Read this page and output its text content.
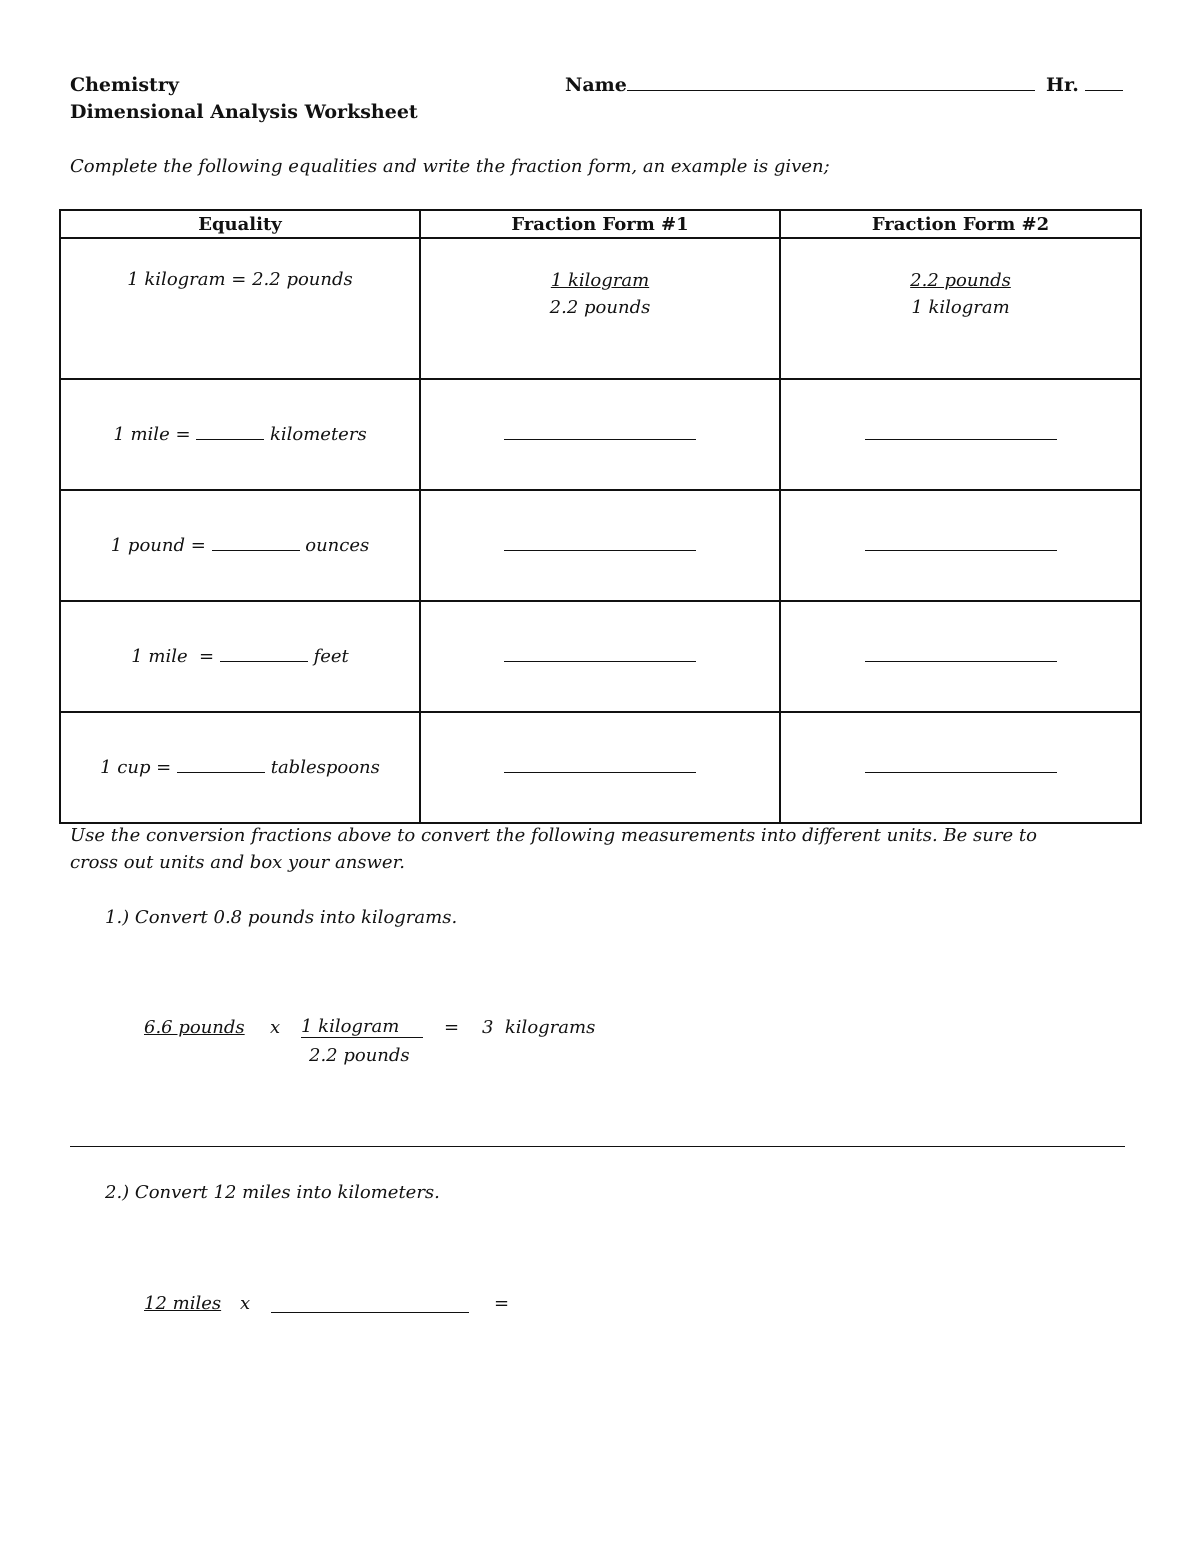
Chemistry
Dimensional Analysis Worksheet
Name	Hr.
Complete the following equalities and write the fraction form, an example is given;
Equality	Fraction Form #1	Fraction Form #2
1 kilogram = 2.2 pounds	$\frac{\text{1 kilogram}}{\text{2.2 pounds}}$	$\frac{\text{2.2 pounds}}{\text{1 kilogram}}$
1 mile = kilometers		
1 pound = ounces		
1 mile  = feet		
1 cup = tablespoons		
Use the conversion fractions above to convert the following measurements into different units. Be sure to
cross out units and box your answer.
1.) Convert 0.8 pounds into kilograms.
6.6 pounds x 1 kilogram
2.2 pounds
= 3  kilograms
2.) Convert 12 miles into kilometers.
12 miles x	=
